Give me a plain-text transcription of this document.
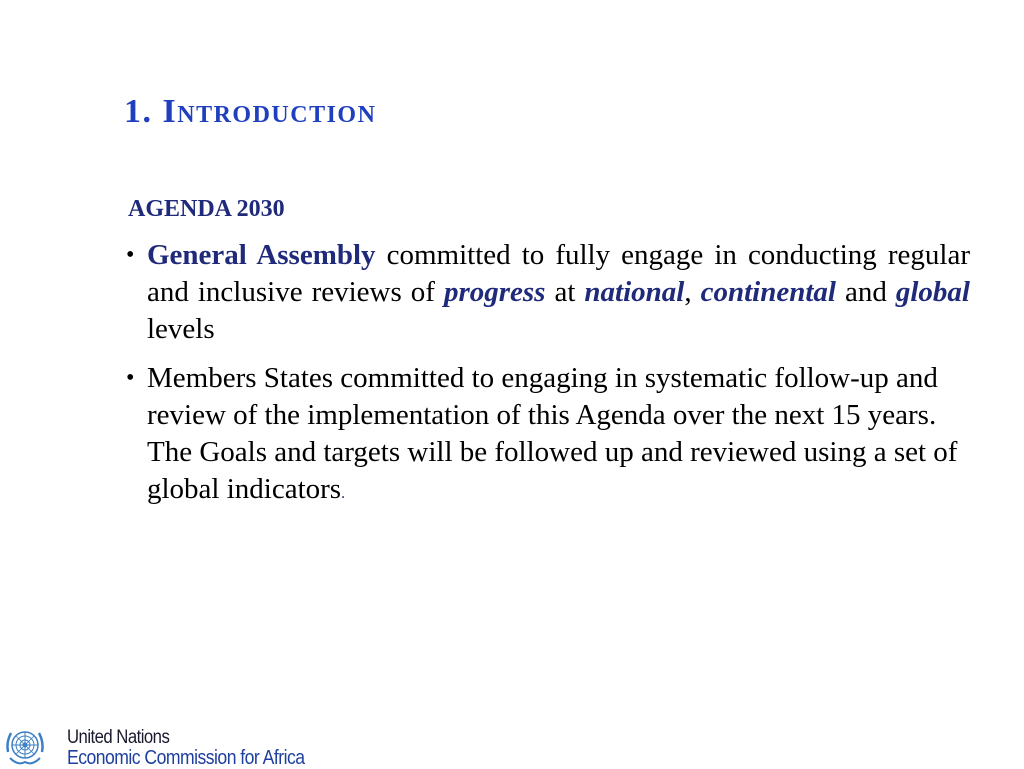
1. Introduction
AGENDA 2030
• General Assembly committed to fully engage in conducting regular and inclusive reviews of progress at national, continental and global levels
• Members States committed to engaging in systematic follow-up and review of the implementation of this Agenda over the next 15 years. The Goals and targets will be followed up and reviewed using a set of global indicators.
United Nations
Economic Commission for Africa
